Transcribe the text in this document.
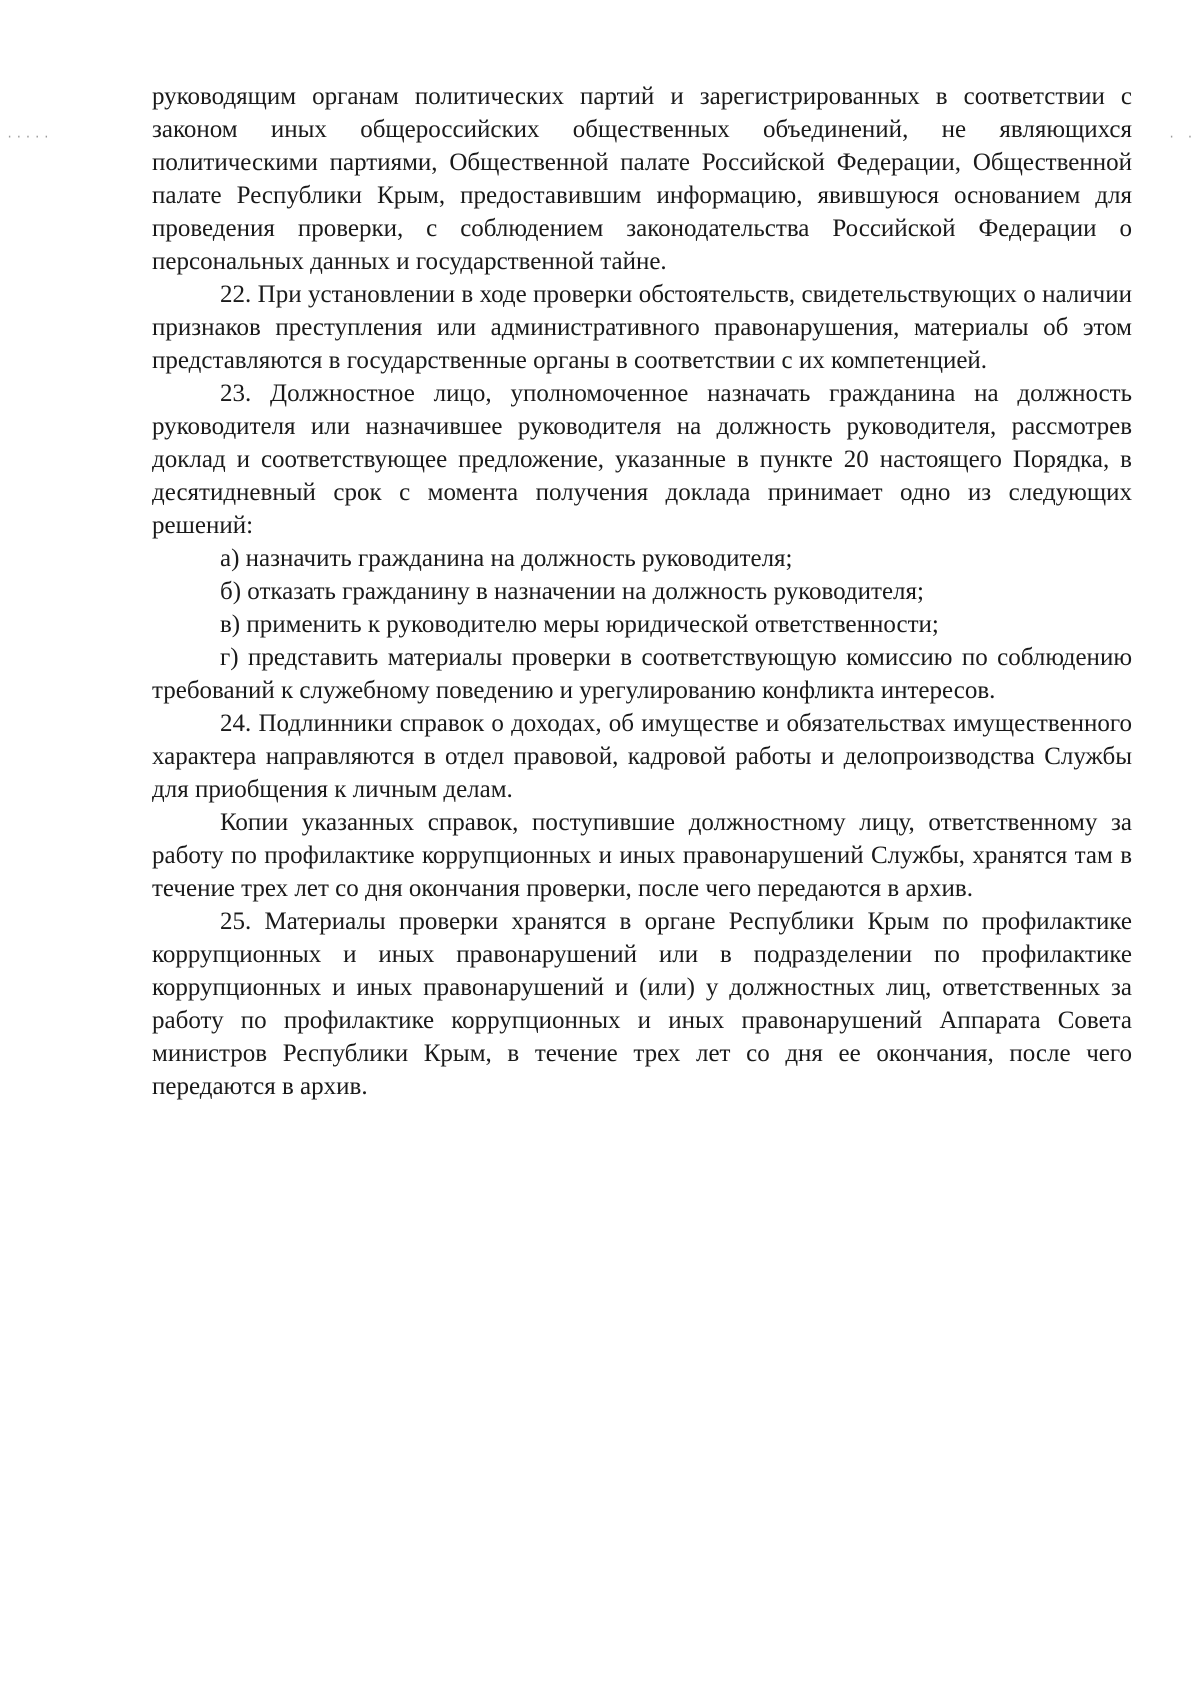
·····	· ·

руководящим органам политических партий и зарегистрированных в соответствии с законом иных общероссийских общественных объединений, не являющихся политическими партиями, Общественной палате Российской Федерации, Общественной палате Республики Крым, предоставившим информацию, явившуюся основанием для проведения проверки, с соблюдением законодательства Российской Федерации о персональных данных и государственной тайне.

22. При установлении в ходе проверки обстоятельств, свидетельствующих о наличии признаков преступления или административного правонарушения, материалы об этом представляются в государственные органы в соответствии с их компетенцией.

23. Должностное лицо, уполномоченное назначать гражданина на должность руководителя или назначившее руководителя на должность руководителя, рассмотрев доклад и соответствующее предложение, указанные в пункте 20 настоящего Порядка, в десятидневный срок с момента получения доклада принимает одно из следующих решений:

а) назначить гражданина на должность руководителя;

б) отказать гражданину в назначении на должность руководителя;

в) применить к руководителю меры юридической ответственности;

г) представить материалы проверки в соответствующую комиссию по соблюдению требований к служебному поведению и урегулированию конфликта интересов.

24. Подлинники справок о доходах, об имуществе и обязательствах имущественного характера направляются в отдел правовой, кадровой работы и делопроизводства Службы для приобщения к личным делам.

Копии указанных справок, поступившие должностному лицу, ответственному за работу по профилактике коррупционных и иных правонарушений Службы, хранятся там в течение трех лет со дня окончания проверки, после чего передаются в архив.

25. Материалы проверки хранятся в органе Республики Крым по профилактике коррупционных и иных правонарушений или в подразделении по профилактике коррупционных и иных правонарушений и (или) у должностных лиц, ответственных за работу по профилактике коррупционных и иных правонарушений Аппарата Совета министров Республики Крым, в течение трех лет со дня ее окончания, после чего передаются в архив.
